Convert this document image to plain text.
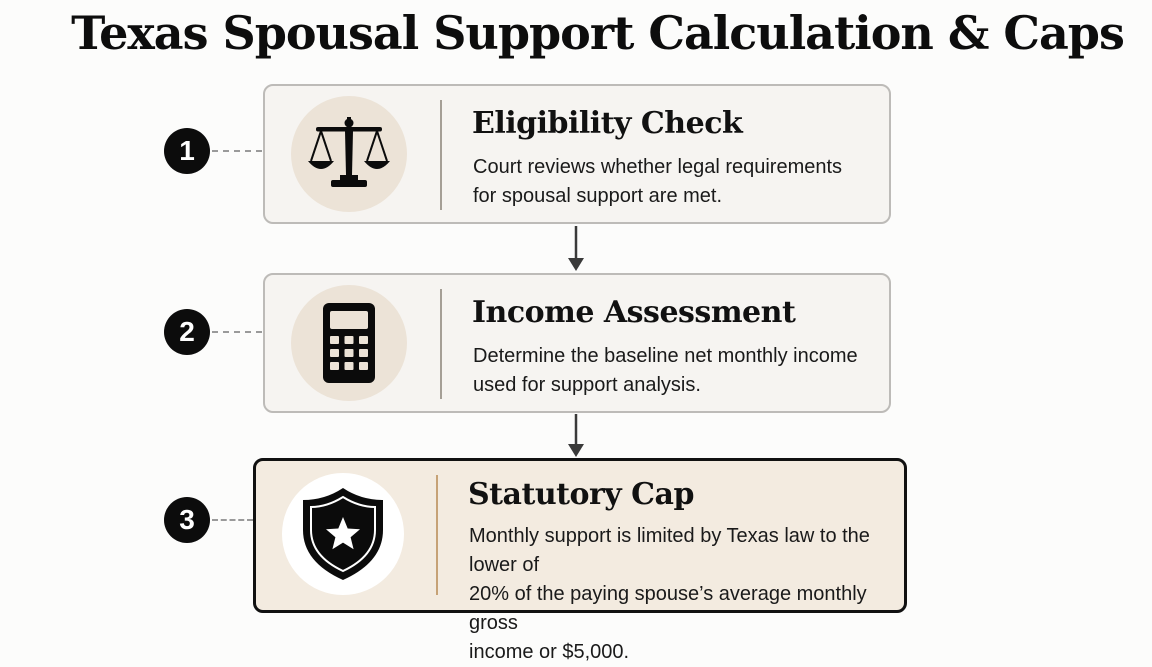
Texas Spousal Support Calculation & Caps
1
Eligibility Check
Court reviews whether legal requirements
for spousal support are met.
2
Income Assessment
Determine the baseline net monthly income
used for support analysis.
3
Statutory Cap
Monthly support is limited by Texas law to the lower of
20% of the paying spouse’s average monthly gross
income or $5,000.
